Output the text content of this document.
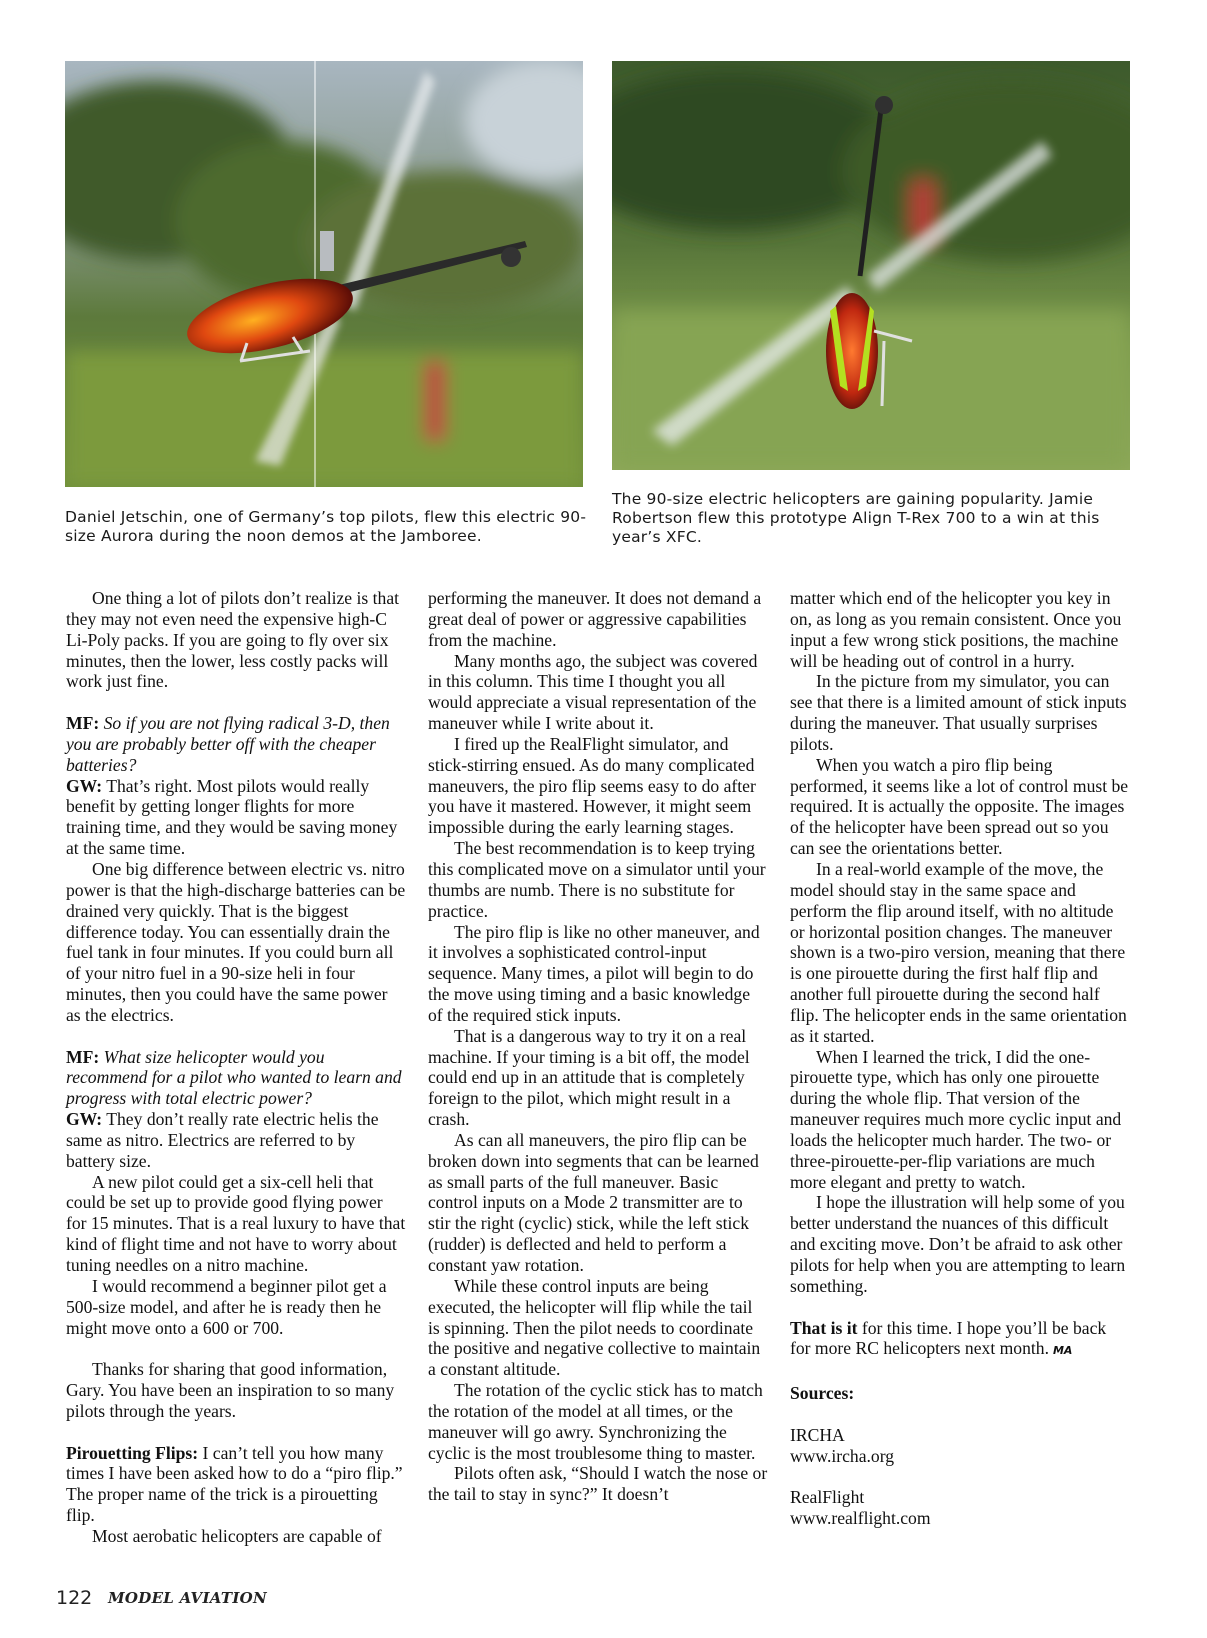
Daniel Jetschin, one of Germany’s top pilots, flew this electric 90-size Aurora during the noon demos at the Jamboree.
The 90-size electric helicopters are gaining popularity. Jamie Robertson flew this prototype Align T-Rex 700 to a win at this year’s XFC.

One thing a lot of pilots don’t realize is that they may not even need the expensive high-C Li-Poly packs. If you are going to fly over six minutes, then the lower, less costly packs will work just fine.

MF: So if you are not flying radical 3-D, then you are probably better off with the cheaper batteries?

GW: That’s right. Most pilots would really benefit by getting longer flights for more training time, and they would be saving money at the same time.

One big difference between electric vs. nitro power is that the high-discharge batteries can be drained very quickly. That is the biggest difference today. You can essentially drain the fuel tank in four minutes. If you could burn all of your nitro fuel in a 90-size heli in four minutes, then you could have the same power as the electrics.

MF: What size helicopter would you recommend for a pilot who wanted to learn and progress with total electric power?

GW: They don’t really rate electric helis the same as nitro. Electrics are referred to by battery size.

A new pilot could get a six-cell heli that could be set up to provide good flying power for 15 minutes. That is a real luxury to have that kind of flight time and not have to worry about tuning needles on a nitro machine.

I would recommend a beginner pilot get a 500-size model, and after he is ready then he might move onto a 600 or 700.

Thanks for sharing that good information, Gary. You have been an inspiration to so many pilots through the years.

Pirouetting Flips: I can’t tell you how many times I have been asked how to do a “piro flip.” The proper name of the trick is a pirouetting flip.

Most aerobatic helicopters are capable of

performing the maneuver. It does not demand a great deal of power or aggressive capabilities from the machine.

Many months ago, the subject was covered in this column. This time I thought you all would appreciate a visual representation of the maneuver while I write about it.

I fired up the RealFlight simulator, and stick-stirring ensued. As do many complicated maneuvers, the piro flip seems easy to do after you have it mastered. However, it might seem impossible during the early learning stages.

The best recommendation is to keep trying this complicated move on a simulator until your thumbs are numb. There is no substitute for practice.

The piro flip is like no other maneuver, and it involves a sophisticated control-input sequence. Many times, a pilot will begin to do the move using timing and a basic knowledge of the required stick inputs.

That is a dangerous way to try it on a real machine. If your timing is a bit off, the model could end up in an attitude that is completely foreign to the pilot, which might result in a crash.

As can all maneuvers, the piro flip can be broken down into segments that can be learned as small parts of the full maneuver. Basic control inputs on a Mode 2 transmitter are to stir the right (cyclic) stick, while the left stick (rudder) is deflected and held to perform a constant yaw rotation.

While these control inputs are being executed, the helicopter will flip while the tail is spinning. Then the pilot needs to coordinate the positive and negative collective to maintain a constant altitude.

The rotation of the cyclic stick has to match the rotation of the model at all times, or the maneuver will go awry. Synchronizing the cyclic is the most troublesome thing to master.

Pilots often ask, “Should I watch the nose or the tail to stay in sync?” It doesn’t

matter which end of the helicopter you key in on, as long as you remain consistent. Once you input a few wrong stick positions, the machine will be heading out of control in a hurry.

In the picture from my simulator, you can see that there is a limited amount of stick inputs during the maneuver. That usually surprises pilots.

When you watch a piro flip being performed, it seems like a lot of control must be required. It is actually the opposite. The images of the helicopter have been spread out so you can see the orientations better.

In a real-world example of the move, the model should stay in the same space and perform the flip around itself, with no altitude or horizontal position changes. The maneuver shown is a two-piro version, meaning that there is one pirouette during the first half flip and another full pirouette during the second half flip. The helicopter ends in the same orientation as it started.

When I learned the trick, I did the one-pirouette type, which has only one pirouette during the whole flip. That version of the maneuver requires much more cyclic input and loads the helicopter much harder. The two- or three-pirouette-per-flip variations are much more elegant and pretty to watch.

I hope the illustration will help some of you better understand the nuances of this difficult and exciting move. Don’t be afraid to ask other pilots for help when you are attempting to learn something.

That is it for this time. I hope you’ll be back for more RC helicopters next month. MA

Sources:

IRCHA

www.ircha.org

RealFlight

www.realflight.com

122 MODEL AVIATION
